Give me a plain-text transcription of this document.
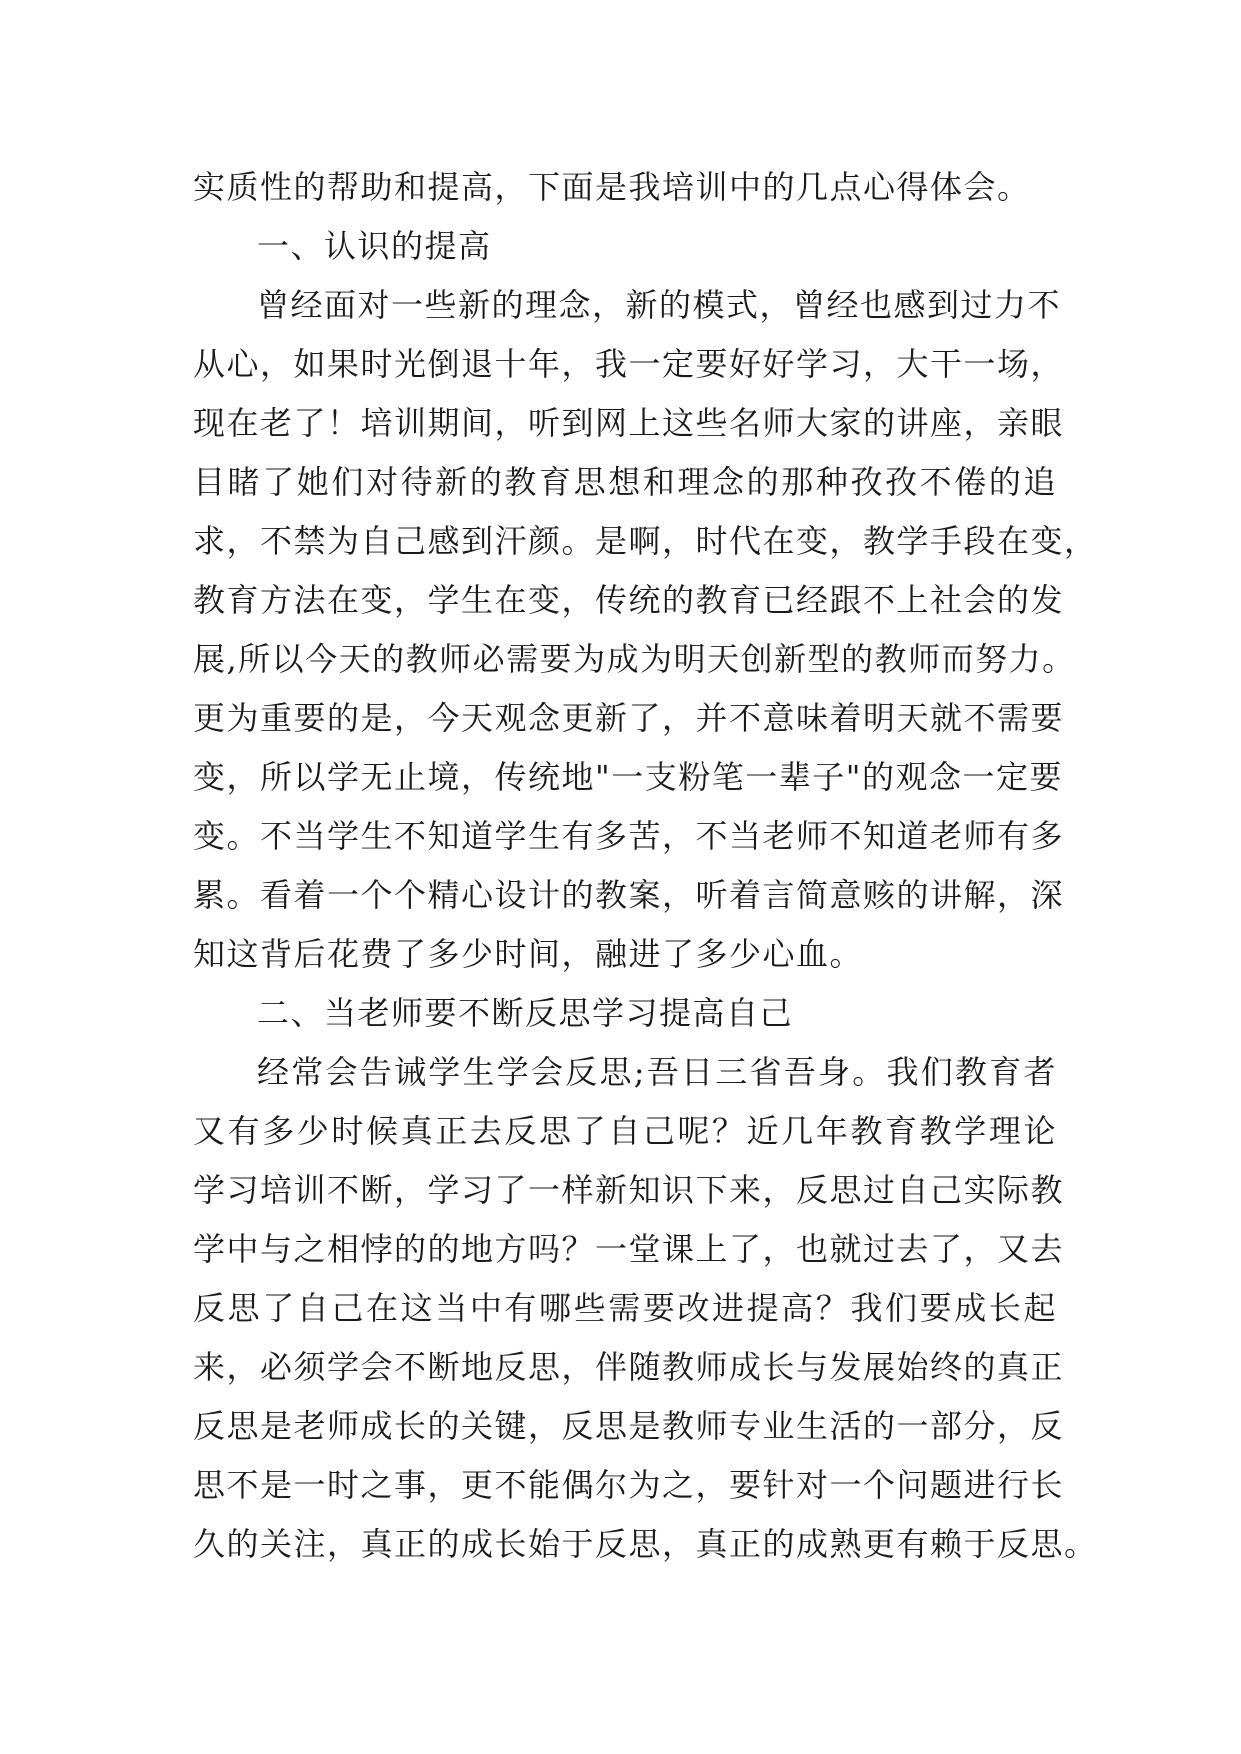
实质性的帮助和提高，下面是我培训中的几点心得体会。
一、认识的提高
曾经面对一些新的理念，新的模式，曾经也感到过力不
从心，如果时光倒退十年，我一定要好好学习，大干一场，
现在老了！培训期间，听到网上这些名师大家的讲座，亲眼
目睹了她们对待新的教育思想和理念的那种孜孜不倦的追
求，不禁为自己感到汗颜。是啊，时代在变，教学手段在变，
教育方法在变，学生在变，传统的教育已经跟不上社会的发
展,所以今天的教师必需要为成为明天创新型的教师而努力。
更为重要的是，今天观念更新了，并不意味着明天就不需要
变，所以学无止境，传统地"一支粉笔一辈子"的观念一定要
变。不当学生不知道学生有多苦，不当老师不知道老师有多
累。看着一个个精心设计的教案，听着言简意赅的讲解，深
知这背后花费了多少时间，融进了多少心血。
二、当老师要不断反思学习提高自己
经常会告诫学生学会反思;吾日三省吾身。我们教育者
又有多少时候真正去反思了自己呢？近几年教育教学理论
学习培训不断，学习了一样新知识下来，反思过自己实际教
学中与之相悖的的地方吗？一堂课上了，也就过去了，又去
反思了自己在这当中有哪些需要改进提高？我们要成长起
来，必须学会不断地反思，伴随教师成长与发展始终的真正
反思是老师成长的关键，反思是教师专业生活的一部分，反
思不是一时之事，更不能偶尔为之，要针对一个问题进行长
久的关注，真正的成长始于反思，真正的成熟更有赖于反思。
